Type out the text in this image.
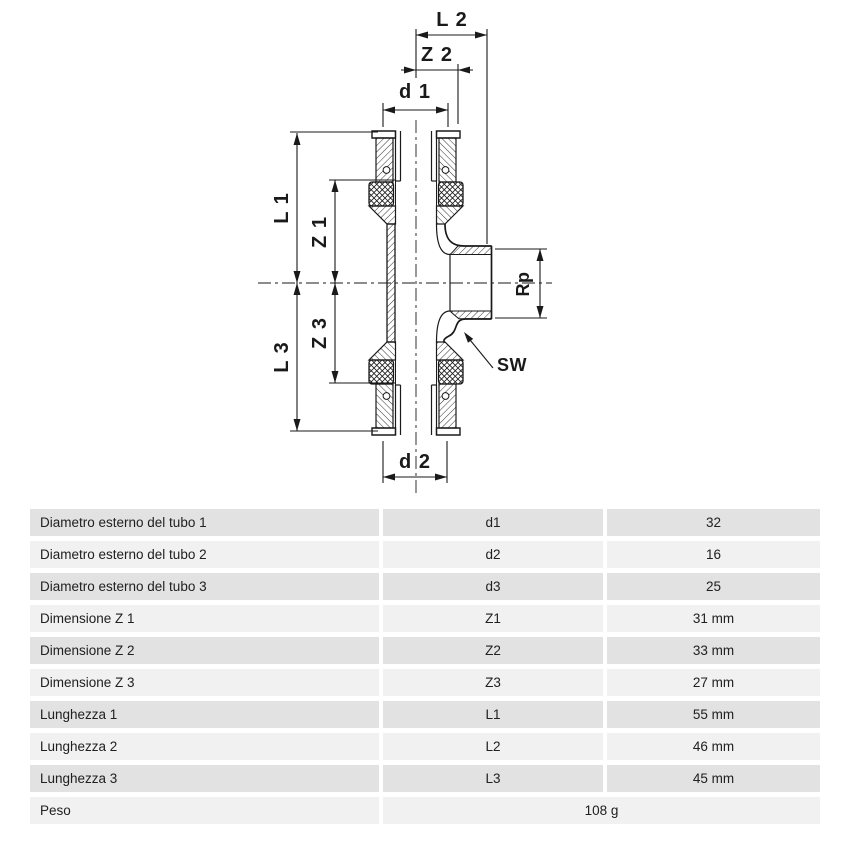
L 2
Z 2
d 1
L 1
Z 1
Z 3
L 3
d 2
Rp
SW
Diametro esterno del tubo 1	d1	32
Diametro esterno del tubo 2	d2	16
Diametro esterno del tubo 3	d3	25
Dimensione Z 1	Z1	31 mm
Dimensione Z 2	Z2	33 mm
Dimensione Z 3	Z3	27 mm
Lunghezza 1	L1	55 mm
Lunghezza 2	L2	46 mm
Lunghezza 3	L3	45 mm
Peso	108 g
